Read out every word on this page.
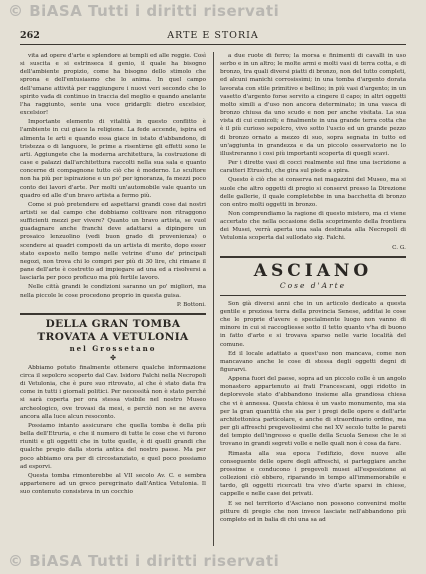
© BiASA Tutti i diritti riservati
262	ARTE E STORIA

vita ad opere d'arte e splendore ai templi ed alle reggie. Così si suscita e si estrinseca il genio, il quale ha bisogno dell'ambiente propizio, come ha bisogno dello stimolo che sprona e dell'entusiasmo che lo anima. In quel campo dell'umane attività per raggiungere i nuovi veri secondo che lo spirito vada di continuo in traccia del meglio e quando anelante l'ha raggiunto, sente una voce gridargli: dietro excelsior, excelsior!

Importante elemento di vitalità in questo conflitto è l'ambiente in cui giace la religione. La fede accende, ispira ed alimenta le arti e quando essa giace in istato d'abbandono, di tristezza o di languore, le prime a risentirne gli effetti sono le arti. Aggiungete che la moderna architettura, la costruzione di case e palazzi dall'architettura raccolti nella sua sala e quanto concerne di compagnone tutto ciò che è moderno. Lo scultore non ha più per ispirazione e un po' per ignoranza, fa mezzi poco conto dei lavori d'arte. Per molti un'automobile vale quanto un quadro ed alle d'un bravo artista a fermo più.

Come si può pretendere ed aspettarsi grandi cose dai nostri artisti se dal campo che dobbiamo coltivare non ritraggono sufficienti mezzi per vivere? Quanto un bravo artista, se vuol guadagnare anche franchi deve adattarsi a dipingere un prosaico lenzuolino (vedi buon grado di provenienza) o scendere ai quadri composti da un artista di merito, dopo esser stato esposto nello tempo nelle vetrine d'uno de' principali negozi, non trova chi lo compri per più di 30 lire, chi rimane il pane dell'arte è costretto ad impiegare ad una ed a risolversi a lasciarla per poco proficuo ma più fertile lavoro.

Nelle città grandi le condizioni saranno un po' migliori, ma nella piccole le cose procedono proprio in questa guisa.

P. Bottoni.
DELLA GRAN TOMBA TROVATA A VETULONIA
nel Grossetano
✤

Abbiamo potuto finalmente ottenere qualche informazione circa il sepolcro scoperto dal Cav. Isidoro Falchi nella Necropoli di Vetulonia, che è pure suo ritrovato, al che è stato data fra come in tutti i giornali politici. Per necessità non è stato perché si sarà coperta per ora stessa visibile nel nostro Museo archeologico, ove trovasi da mesi, e perciò non se ne aveva ancora alla luce alcun resoconto.

Possiamo intanto assicurare che quella tomba è della più bella dell'Etruria, e che il numero di tutte le cose che vi furono riuniti e gli oggetti che in tutte quelle, è di quelli grandi che qualche pregio dalla storia antica del nostro paese. Ma per poco abbiamo ora per di circostanziato, e quel poco possiamo ad esporvi.

Questa tomba rimonterebbe al VII secolo Av. C. e sembra appartenere ad un greco peregrinato dall'Antica Vetulonia. Il suo contenuto consisteva in un cocchio

a due ruote di ferro; la morsa e finimenti di cavalli in uso serbo e in un altro; le molte armi e molti vasi di terra cotta, e di bronzo, tra quali diversi piatti di bronzo, non del tutto completi, ed alcuni manichi corrosissimi; in una tomba d'argento dorata lavorata con stile primitivo e bellino; in più vasi d'argento; in un vasetto d'argento forse servito a cingere il capo; in altri oggetti molto simili a d'uso non ancora determinato; in una vasca di bronzo chiusa da uno scudo e non per anche visitata. La sua vista di cui cunicoli; e finalmente in una grande terra cotta che è il più curioso sepolcro, vivo sotto l'uscio ed un grande pezzo di bronzo ornato a mezzo di suo, sopra segnata in tutto ed un'aggiunta in grandezza e da un piccolo osservatorio ne lo illustreranno i cosi più importanti scoperta di quegli scavi.

Per i dirette vasi di cocci realmente sul fine una iscrizione a caratteri Etruschi, che gira sul piede a spira.

Questo è ciò che si conserva nei magazzini del Museo, ma si suole che altro oggetti di pregio si conservi presso la Direzione delle gallerie, il quale completebbe in una bacchetta di bronzo con entro molti oggetti in bronzo.

Non comprendiamo la ragione di questo mistero, ma ci viene accertato che nella occasione della scoprimento della frontiera dei Musei, verrà aperta una sala destinata alla Necropoli di Vetulonia scoperta dal sullodato sig. Falchi.

C. G.
ASCIANO
Cose d'Arte

Son già diversi anni che in un articolo dedicato a questa gentile e preziosa terra della provincia Senese, additai le cose che le proprie d'avere e specialmente luogo non vanno di minore in cui si raccogliesse sotto il tetto quanto v'ha di buono in fatto d'arte e si trovava sparso nelle varie località del comune.

Ed il locale adattato a quest'uso non mancava, come non mancavano anche le cose di stessa degli oggetti degni di figurarvi.

Appena fuori del paese, sopra ad un piccolo colle è un angolo monastero appartenuto ai frati Francescani, oggi ridotto in deplorevole stato d'abbandono insieme alla grandiosa chiesa che vi è annessa. Questa chiesa è un vasto monumento, ma sia per la gran quantità che sia per i pregi delle opere e dell'arte architettonica particolare, e anche di straordinario ordine, ma per gli affreschi pregevolissimi che nel XV secolo tutte le pareti del tempio dell'ingresso e quelle della Scuola Senese che le si trovano in grandi segreti volle e nelle quali non è cosa da fare.

Rimasta alla sua epoca l'edifizio, dove nuove alle conseguente delle opere degli affreschi, si parteggiare anche prossime e conducono i pregevoli musei all'esposizione ai collezioni ciò ebbero, riparando in tempo all'immemorabile e tardo, gli oggetti ricercati tra vivo d'arte sparsi in chiese, cappelle e nelle case dei privati.

E se nel territorio d'Asciano non possono convenirsi molte pitture di pregio che non invece lasciate nell'abbandono più completo ed in balia di chi una sa ad

© BiASA Tutti i diritti riservati
